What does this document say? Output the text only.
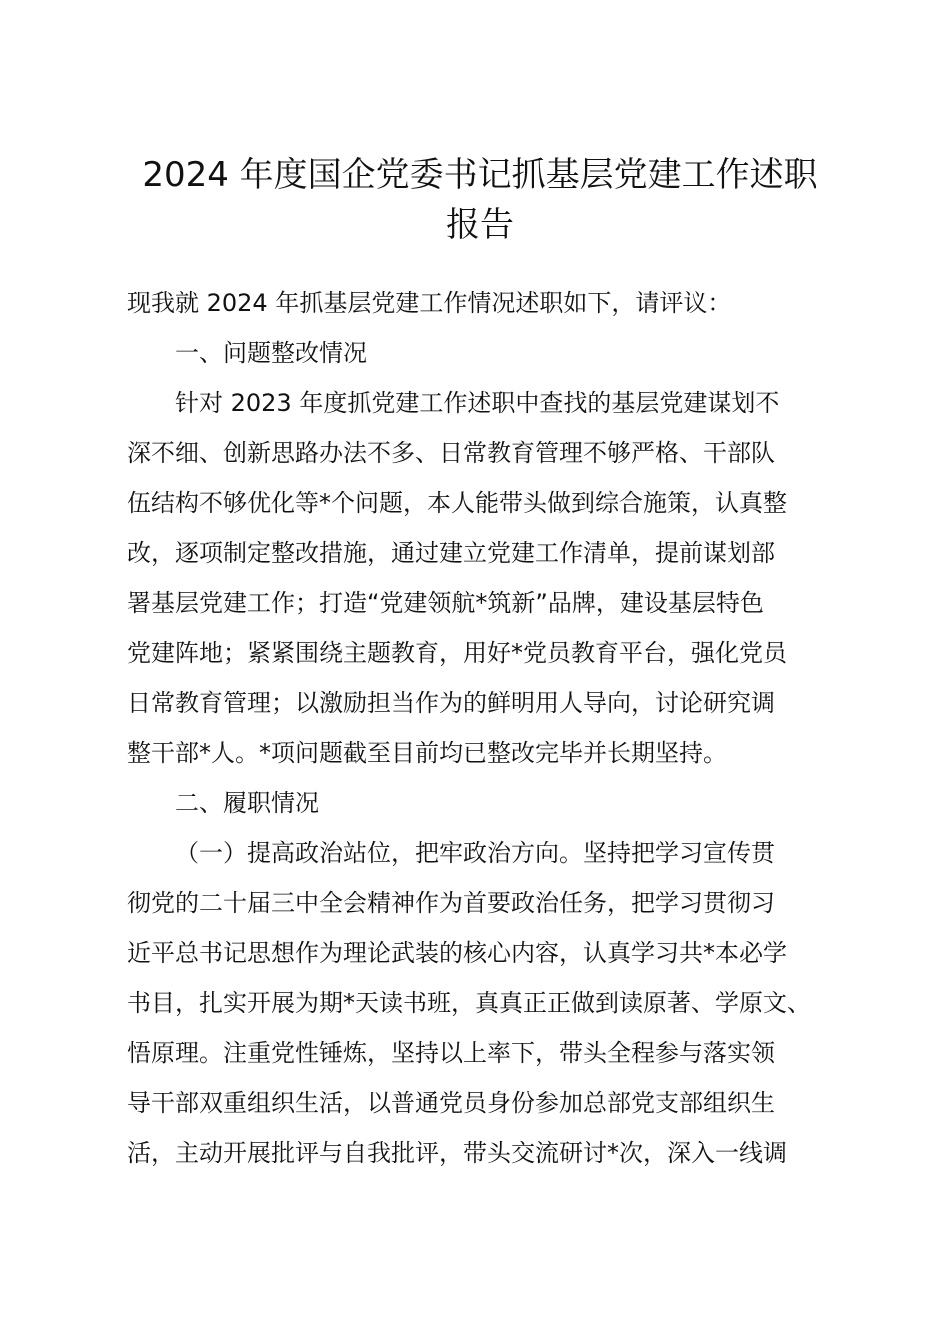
2024 年度国企党委书记抓基层党建工作述职
报告
现我就 2024 年抓基层党建工作情况述职如下，请评议：
一、问题整改情况
针对 2023 年度抓党建工作述职中查找的基层党建谋划不
深不细、创新思路办法不多、日常教育管理不够严格、干部队
伍结构不够优化等*个问题，本人能带头做到综合施策，认真整
改，逐项制定整改措施，通过建立党建工作清单，提前谋划部
署基层党建工作；打造“党建领航*筑新”品牌，建设基层特色
党建阵地；紧紧围绕主题教育，用好*党员教育平台，强化党员
日常教育管理；以激励担当作为的鲜明用人导向，讨论研究调
整干部*人。*项问题截至目前均已整改完毕并长期坚持。
二、履职情况
（一）提高政治站位，把牢政治方向。坚持把学习宣传贯
彻党的二十届三中全会精神作为首要政治任务，把学习贯彻习
近平总书记思想作为理论武装的核心内容，认真学习共*本必学
书目，扎实开展为期*天读书班，真真正正做到读原著、学原文、
悟原理。注重党性锤炼，坚持以上率下，带头全程参与落实领
导干部双重组织生活，以普通党员身份参加总部党支部组织生
活，主动开展批评与自我批评，带头交流研讨*次，深入一线调
